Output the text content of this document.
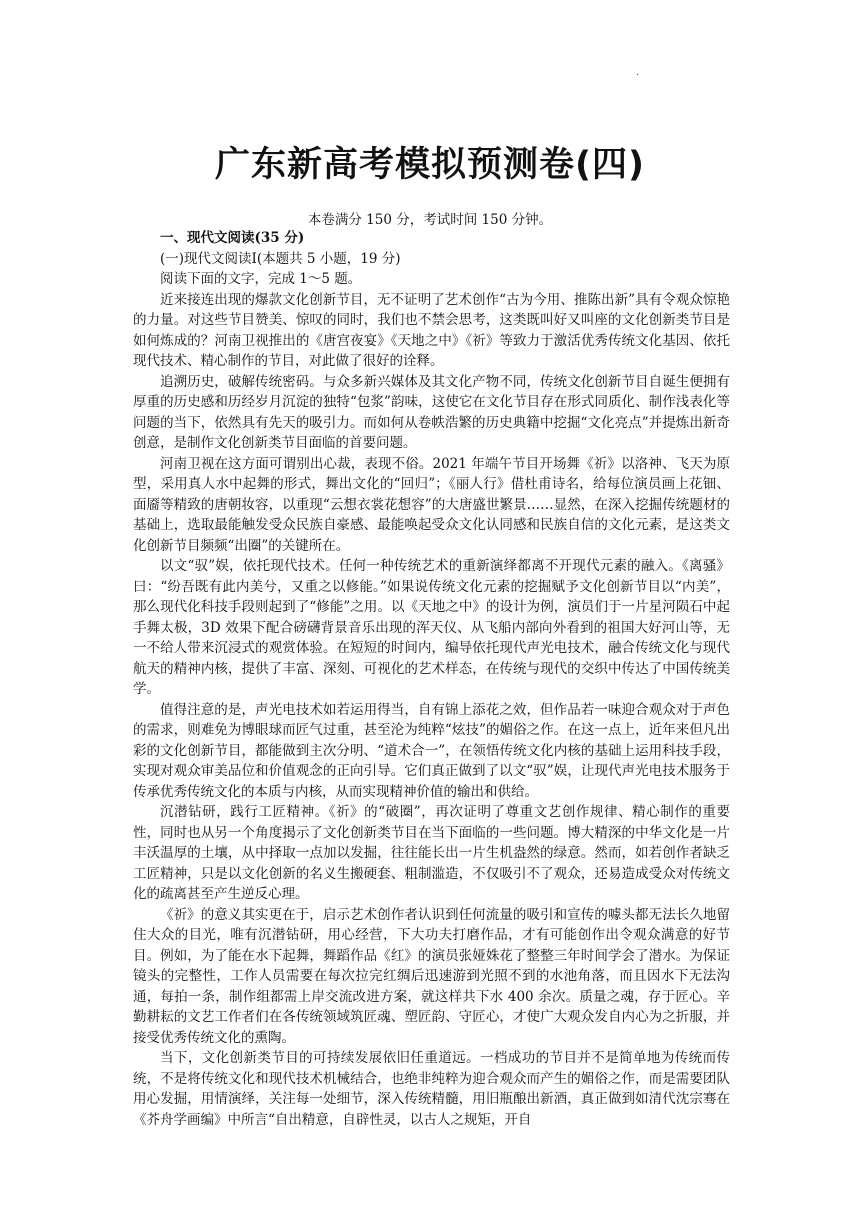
·
广东新高考模拟预测卷(四)
本卷满分 150 分，考试时间 150 分钟。

一、现代文阅读(35 分)

(一)现代文阅读Ⅰ(本题共 5 小题，19 分)

阅读下面的文字，完成 1～5 题。

近来接连出现的爆款文化创新节目，无不证明了艺术创作“古为今用、推陈出新”具有令观众惊艳的力量。对这些节目赞美、惊叹的同时，我们也不禁会思考，这类既叫好又叫座的文化创新类节目是如何炼成的？河南卫视推出的《唐宫夜宴》《天地之中》《祈》等致力于激活优秀传统文化基因、依托现代技术、精心制作的节目，对此做了很好的诠释。

追溯历史，破解传统密码。与众多新兴媒体及其文化产物不同，传统文化创新节目自诞生便拥有厚重的历史感和历经岁月沉淀的独特“包浆”韵味，这使它在文化节目存在形式同质化、制作浅表化等问题的当下，依然具有先天的吸引力。而如何从卷帙浩繁的历史典籍中挖掘“文化亮点”并提炼出新奇创意，是制作文化创新类节目面临的首要问题。

河南卫视在这方面可谓别出心裁，表现不俗。2021 年端午节目开场舞《祈》以洛神、飞天为原型，采用真人水中起舞的形式，舞出文化的“回归”；《丽人行》借杜甫诗名，给每位演员画上花钿、面靥等精致的唐朝妆容，以重现“云想衣裳花想容”的大唐盛世繁景……显然，在深入挖掘传统题材的基础上，选取最能触发受众民族自豪感、最能唤起受众文化认同感和民族自信的文化元素，是这类文化创新节目频频“出圈”的关键所在。

以文“驭”娱，依托现代技术。任何一种传统艺术的重新演绎都离不开现代元素的融入。《离骚》曰：“纷吾既有此内美兮，又重之以修能。”如果说传统文化元素的挖掘赋予文化创新节目以“内美”，那么现代化科技手段则起到了“修能”之用。以《天地之中》的设计为例，演员们于一片星河陨石中起手舞太极，3D 效果下配合磅礴背景音乐出现的浑天仪、从飞船内部向外看到的祖国大好河山等，无一不给人带来沉浸式的观赏体验。在短短的时间内，编导依托现代声光电技术，融合传统文化与现代航天的精神内核，提供了丰富、深刻、可视化的艺术样态，在传统与现代的交织中传达了中国传统美学。

值得注意的是，声光电技术如若运用得当，自有锦上添花之效，但作品若一味迎合观众对于声色的需求，则难免为博眼球而匠气过重，甚至沦为纯粹“炫技”的媚俗之作。在这一点上，近年来但凡出彩的文化创新节目，都能做到主次分明、“道术合一”，在领悟传统文化内核的基础上运用科技手段，实现对观众审美品位和价值观念的正向引导。它们真正做到了以文“驭”娱，让现代声光电技术服务于传承优秀传统文化的本质与内核，从而实现精神价值的输出和供给。

沉潜钻研，践行工匠精神。《祈》的“破圈”，再次证明了尊重文艺创作规律、精心制作的重要性，同时也从另一个角度揭示了文化创新类节目在当下面临的一些问题。博大精深的中华文化是一片丰沃温厚的土壤，从中择取一点加以发掘，往往能长出一片生机盎然的绿意。然而，如若创作者缺乏工匠精神，只是以文化创新的名义生搬硬套、粗制滥造，不仅吸引不了观众，还易造成受众对传统文化的疏离甚至产生逆反心理。

《祈》的意义其实更在于，启示艺术创作者认识到任何流量的吸引和宣传的噱头都无法长久地留住大众的目光，唯有沉潜钻研，用心经营，下大功夫打磨作品，才有可能创作出令观众满意的好节目。例如，为了能在水下起舞，舞蹈作品《红》的演员张娅姝花了整整三年时间学会了潜水。为保证镜头的完整性，工作人员需要在每次拉完红绸后迅速游到光照不到的水池角落，而且因水下无法沟通，每拍一条，制作组都需上岸交流改进方案，就这样共下水 400 余次。质量之魂，存于匠心。辛勤耕耘的文艺工作者们在各传统领域筑匠魂、塑匠韵、守匠心，才使广大观众发自内心为之折服，并接受优秀传统文化的熏陶。

当下，文化创新类节目的可持续发展依旧任重道远。一档成功的节目并不是简单地为传统而传统，不是将传统文化和现代技术机械结合，也绝非纯粹为迎合观众而产生的媚俗之作，而是需要团队用心发掘，用情演绎，关注每一处细节，深入传统精髓，用旧瓶酿出新酒，真正做到如清代沈宗骞在《芥舟学画编》中所言“自出精意，自辟性灵，以古人之规矩，开自
